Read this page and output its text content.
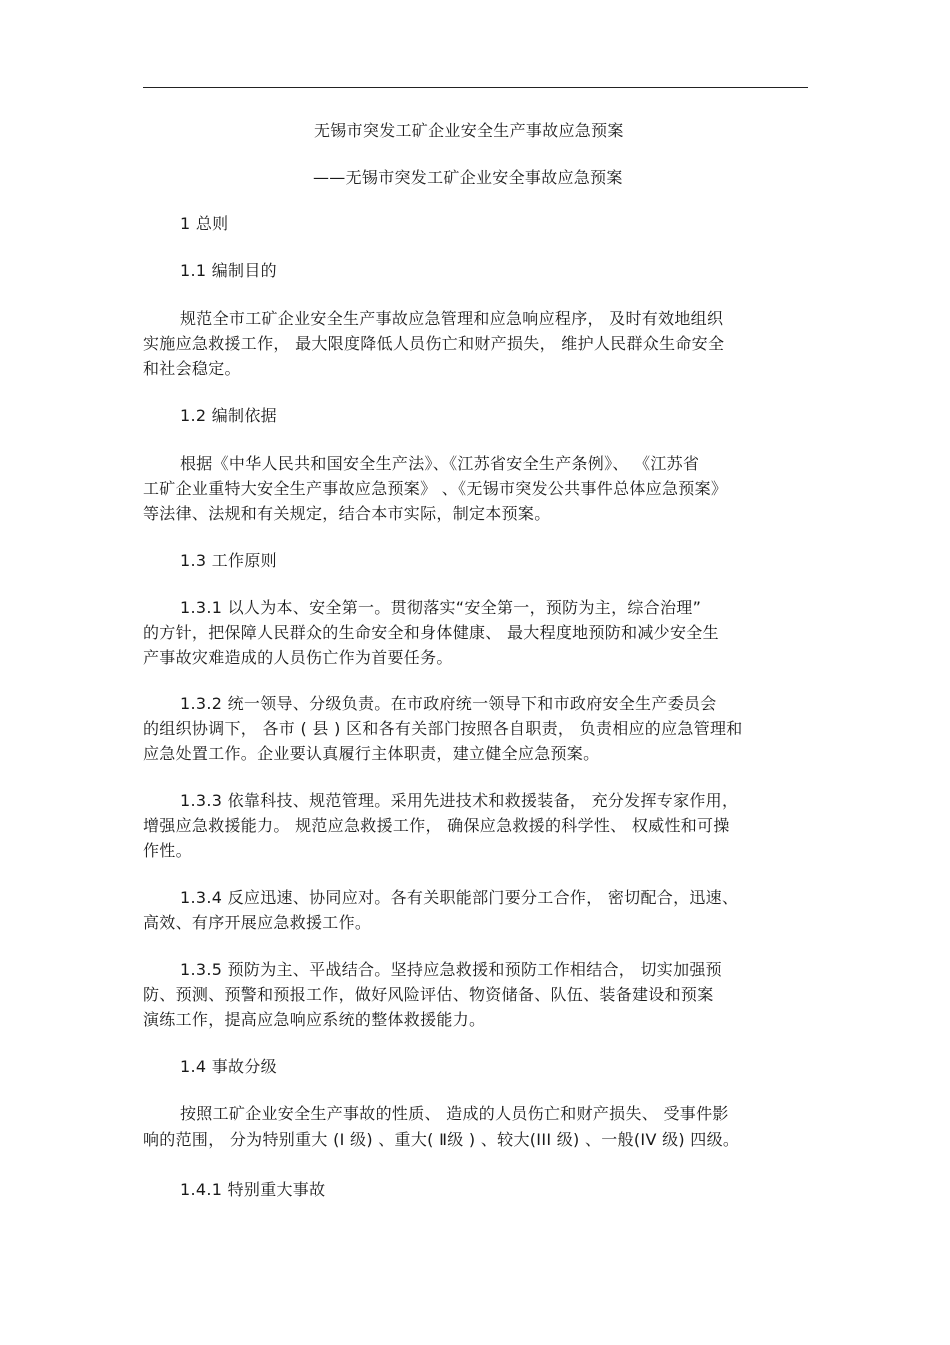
无锡市突发工矿企业安全生产事故应急预案
——无锡市突发工矿企业安全事故应急预案
1 总则
1.1 编制目的
规范全市工矿企业安全生产事故应急管理和应急响应程序， 及时有效地组织
实施应急救援工作， 最大限度降低人员伤亡和财产损失， 维护人民群众生命安全
和社会稳定。
1.2 编制依据
根据《中华人民共和国安全生产法》、《江苏省安全生产条例》、 《江苏省
工矿企业重特大安全生产事故应急预案》 、《无锡市突发公共事件总体应急预案》
等法律、法规和有关规定，结合本市实际，制定本预案。
1.3 工作原则
1.3.1 以人为本、安全第一。贯彻落实“安全第一，预防为主，综合治理”
的方针，把保障人民群众的生命安全和身体健康、 最大程度地预防和减少安全生
产事故灾难造成的人员伤亡作为首要任务。
1.3.2 统一领导、分级负责。在市政府统一领导下和市政府安全生产委员会
的组织协调下， 各市 ( 县 ) 区和各有关部门按照各自职责， 负责相应的应急管理和
应急处置工作。企业要认真履行主体职责，建立健全应急预案。
1.3.3 依靠科技、规范管理。采用先进技术和救援装备， 充分发挥专家作用，
增强应急救援能力。 规范应急救援工作， 确保应急救援的科学性、 权威性和可操
作性。
1.3.4 反应迅速、协同应对。各有关职能部门要分工合作， 密切配合，迅速、
高效、有序开展应急救援工作。
1.3.5 预防为主、平战结合。坚持应急救援和预防工作相结合， 切实加强预
防、预测、预警和预报工作，做好风险评估、物资储备、队伍、装备建设和预案
演练工作，提高应急响应系统的整体救援能力。
1.4 事故分级
按照工矿企业安全生产事故的性质、 造成的人员伤亡和财产损失、 受事件影
响的范围， 分为特别重大 (I 级) 、重大( Ⅱ级 ) 、较大(III 级) 、一般(IV 级) 四级。
1.4.1 特别重大事故
